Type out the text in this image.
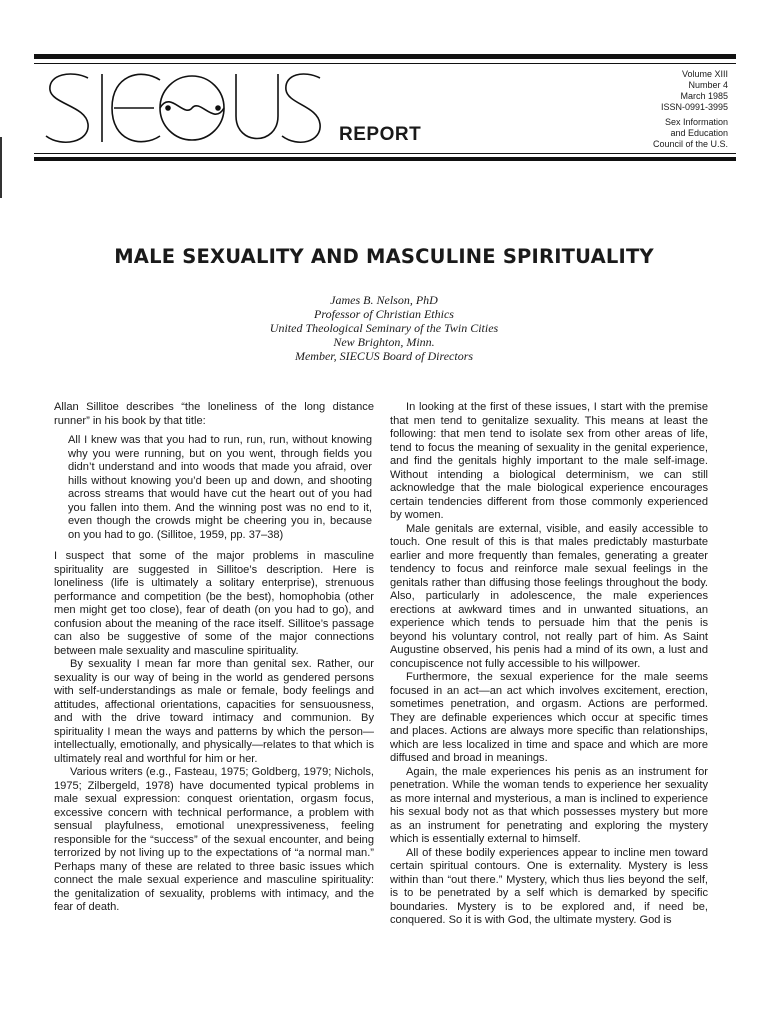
REPORT
Volume XIII
Number 4
March 1985
ISSN-0991-3995
Sex Information
and Education
Council of the U.S.
MALE SEXUALITY AND MASCULINE SPIRITUALITY
James B. Nelson, PhD
Professor of Christian Ethics
United Theological Seminary of the Twin Cities
New Brighton, Minn.
Member, SIECUS Board of Directors

Allan Sillitoe describes “the loneliness of the long distance runner” in his book by that title:

All I knew was that you had to run, run, run, without knowing why you were running, but on you went, through fields you didn’t understand and into woods that made you afraid, over hills without knowing you’d been up and down, and shooting across streams that would have cut the heart out of you had you fallen into them. And the winning post was no end to it, even though the crowds might be cheering you in, because on you had to go. (Sillitoe, 1959, pp. 37–38)

I suspect that some of the major problems in masculine spirituality are suggested in Sillitoe’s description. Here is loneliness (life is ultimately a solitary enterprise), strenuous performance and competition (be the best), homophobia (other men might get too close), fear of death (on you had to go), and confusion about the meaning of the race itself. Sillitoe’s passage can also be suggestive of some of the major connections between male sexuality and masculine spirituality.

By sexuality I mean far more than genital sex. Rather, our sexuality is our way of being in the world as gendered persons with self-understandings as male or female, body feelings and attitudes, affectional orientations, capacities for sensuousness, and with the drive toward intimacy and communion. By spirituality I mean the ways and patterns by which the person—intellectually, emotionally, and physically—relates to that which is ultimately real and worthful for him or her.

Various writers (e.g., Fasteau, 1975; Goldberg, 1979; Nichols, 1975; Zilbergeld, 1978) have documented typical problems in male sexual expression: conquest orientation, orgasm focus, excessive concern with technical performance, a problem with sensual playfulness, emotional unexpressiveness, feeling responsible for the “success” of the sexual encounter, and being terrorized by not living up to the expectations of “a normal man.” Perhaps many of these are related to three basic issues which connect the male sexual experience and masculine spirituality: the genitalization of sexuality, problems with intimacy, and the fear of death.

In looking at the first of these issues, I start with the premise that men tend to genitalize sexuality. This means at least the following: that men tend to isolate sex from other areas of life, tend to focus the meaning of sexuality in the genital experience, and find the genitals highly important to the male self-image. Without intending a biological determinism, we can still acknowledge that the male biological experience encourages certain tendencies different from those commonly experienced by women.

Male genitals are external, visible, and easily accessible to touch. One result of this is that males predictably masturbate earlier and more frequently than females, generating a greater tendency to focus and reinforce male sexual feelings in the genitals rather than diffusing those feelings throughout the body. Also, particularly in adolescence, the male experiences erections at awkward times and in unwanted situations, an experience which tends to persuade him that the penis is beyond his voluntary control, not really part of him. As Saint Augustine observed, his penis had a mind of its own, a lust and concupiscence not fully accessible to his willpower.

Furthermore, the sexual experience for the male seems focused in an act—an act which involves excitement, erection, sometimes penetration, and orgasm. Actions are performed. They are definable experiences which occur at specific times and places. Actions are always more specific than relationships, which are less localized in time and space and which are more diffused and broad in meanings.

Again, the male experiences his penis as an instrument for penetration. While the woman tends to experience her sexuality as more internal and mysterious, a man is inclined to experience his sexual body not as that which possesses mystery but more as an instrument for penetrating and exploring the mystery which is essentially external to himself.

All of these bodily experiences appear to incline men toward certain spiritual contours. One is externality. Mystery is less within than “out there.” Mystery, which thus lies beyond the self, is to be penetrated by a self which is demarked by specific boundaries. Mystery is to be explored and, if need be, conquered. So it is with God, the ultimate mystery. God is
